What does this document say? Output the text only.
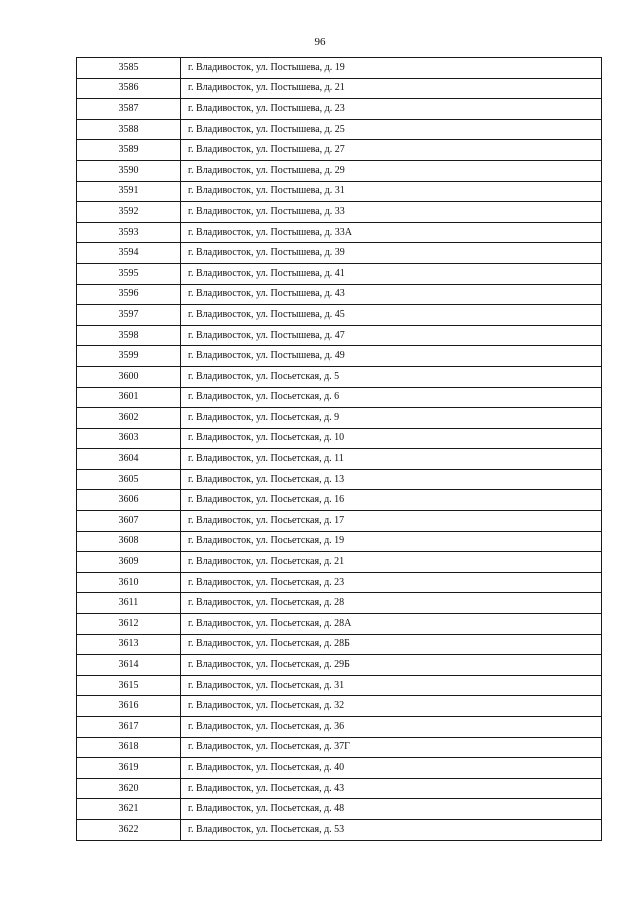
96
3585	г. Владивосток, ул. Постышева, д. 19
3586	г. Владивосток, ул. Постышева, д. 21
3587	г. Владивосток, ул. Постышева, д. 23
3588	г. Владивосток, ул. Постышева, д. 25
3589	г. Владивосток, ул. Постышева, д. 27
3590	г. Владивосток, ул. Постышева, д. 29
3591	г. Владивосток, ул. Постышева, д. 31
3592	г. Владивосток, ул. Постышева, д. 33
3593	г. Владивосток, ул. Постышева, д. 33А
3594	г. Владивосток, ул. Постышева, д. 39
3595	г. Владивосток, ул. Постышева, д. 41
3596	г. Владивосток, ул. Постышева, д. 43
3597	г. Владивосток, ул. Постышева, д. 45
3598	г. Владивосток, ул. Постышева, д. 47
3599	г. Владивосток, ул. Постышева, д. 49
3600	г. Владивосток, ул. Посьетская, д. 5
3601	г. Владивосток, ул. Посьетская, д. 6
3602	г. Владивосток, ул. Посьетская, д. 9
3603	г. Владивосток, ул. Посьетская, д. 10
3604	г. Владивосток, ул. Посьетская, д. 11
3605	г. Владивосток, ул. Посьетская, д. 13
3606	г. Владивосток, ул. Посьетская, д. 16
3607	г. Владивосток, ул. Посьетская, д. 17
3608	г. Владивосток, ул. Посьетская, д. 19
3609	г. Владивосток, ул. Посьетская, д. 21
3610	г. Владивосток, ул. Посьетская, д. 23
3611	г. Владивосток, ул. Посьетская, д. 28
3612	г. Владивосток, ул. Посьетская, д. 28А
3613	г. Владивосток, ул. Посьетская, д. 28Б
3614	г. Владивосток, ул. Посьетская, д. 29Б
3615	г. Владивосток, ул. Посьетская, д. 31
3616	г. Владивосток, ул. Посьетская, д. 32
3617	г. Владивосток, ул. Посьетская, д. 36
3618	г. Владивосток, ул. Посьетская, д. 37Г
3619	г. Владивосток, ул. Посьетская, д. 40
3620	г. Владивосток, ул. Посьетская, д. 43
3621	г. Владивосток, ул. Посьетская, д. 48
3622	г. Владивосток, ул. Посьетская, д. 53
